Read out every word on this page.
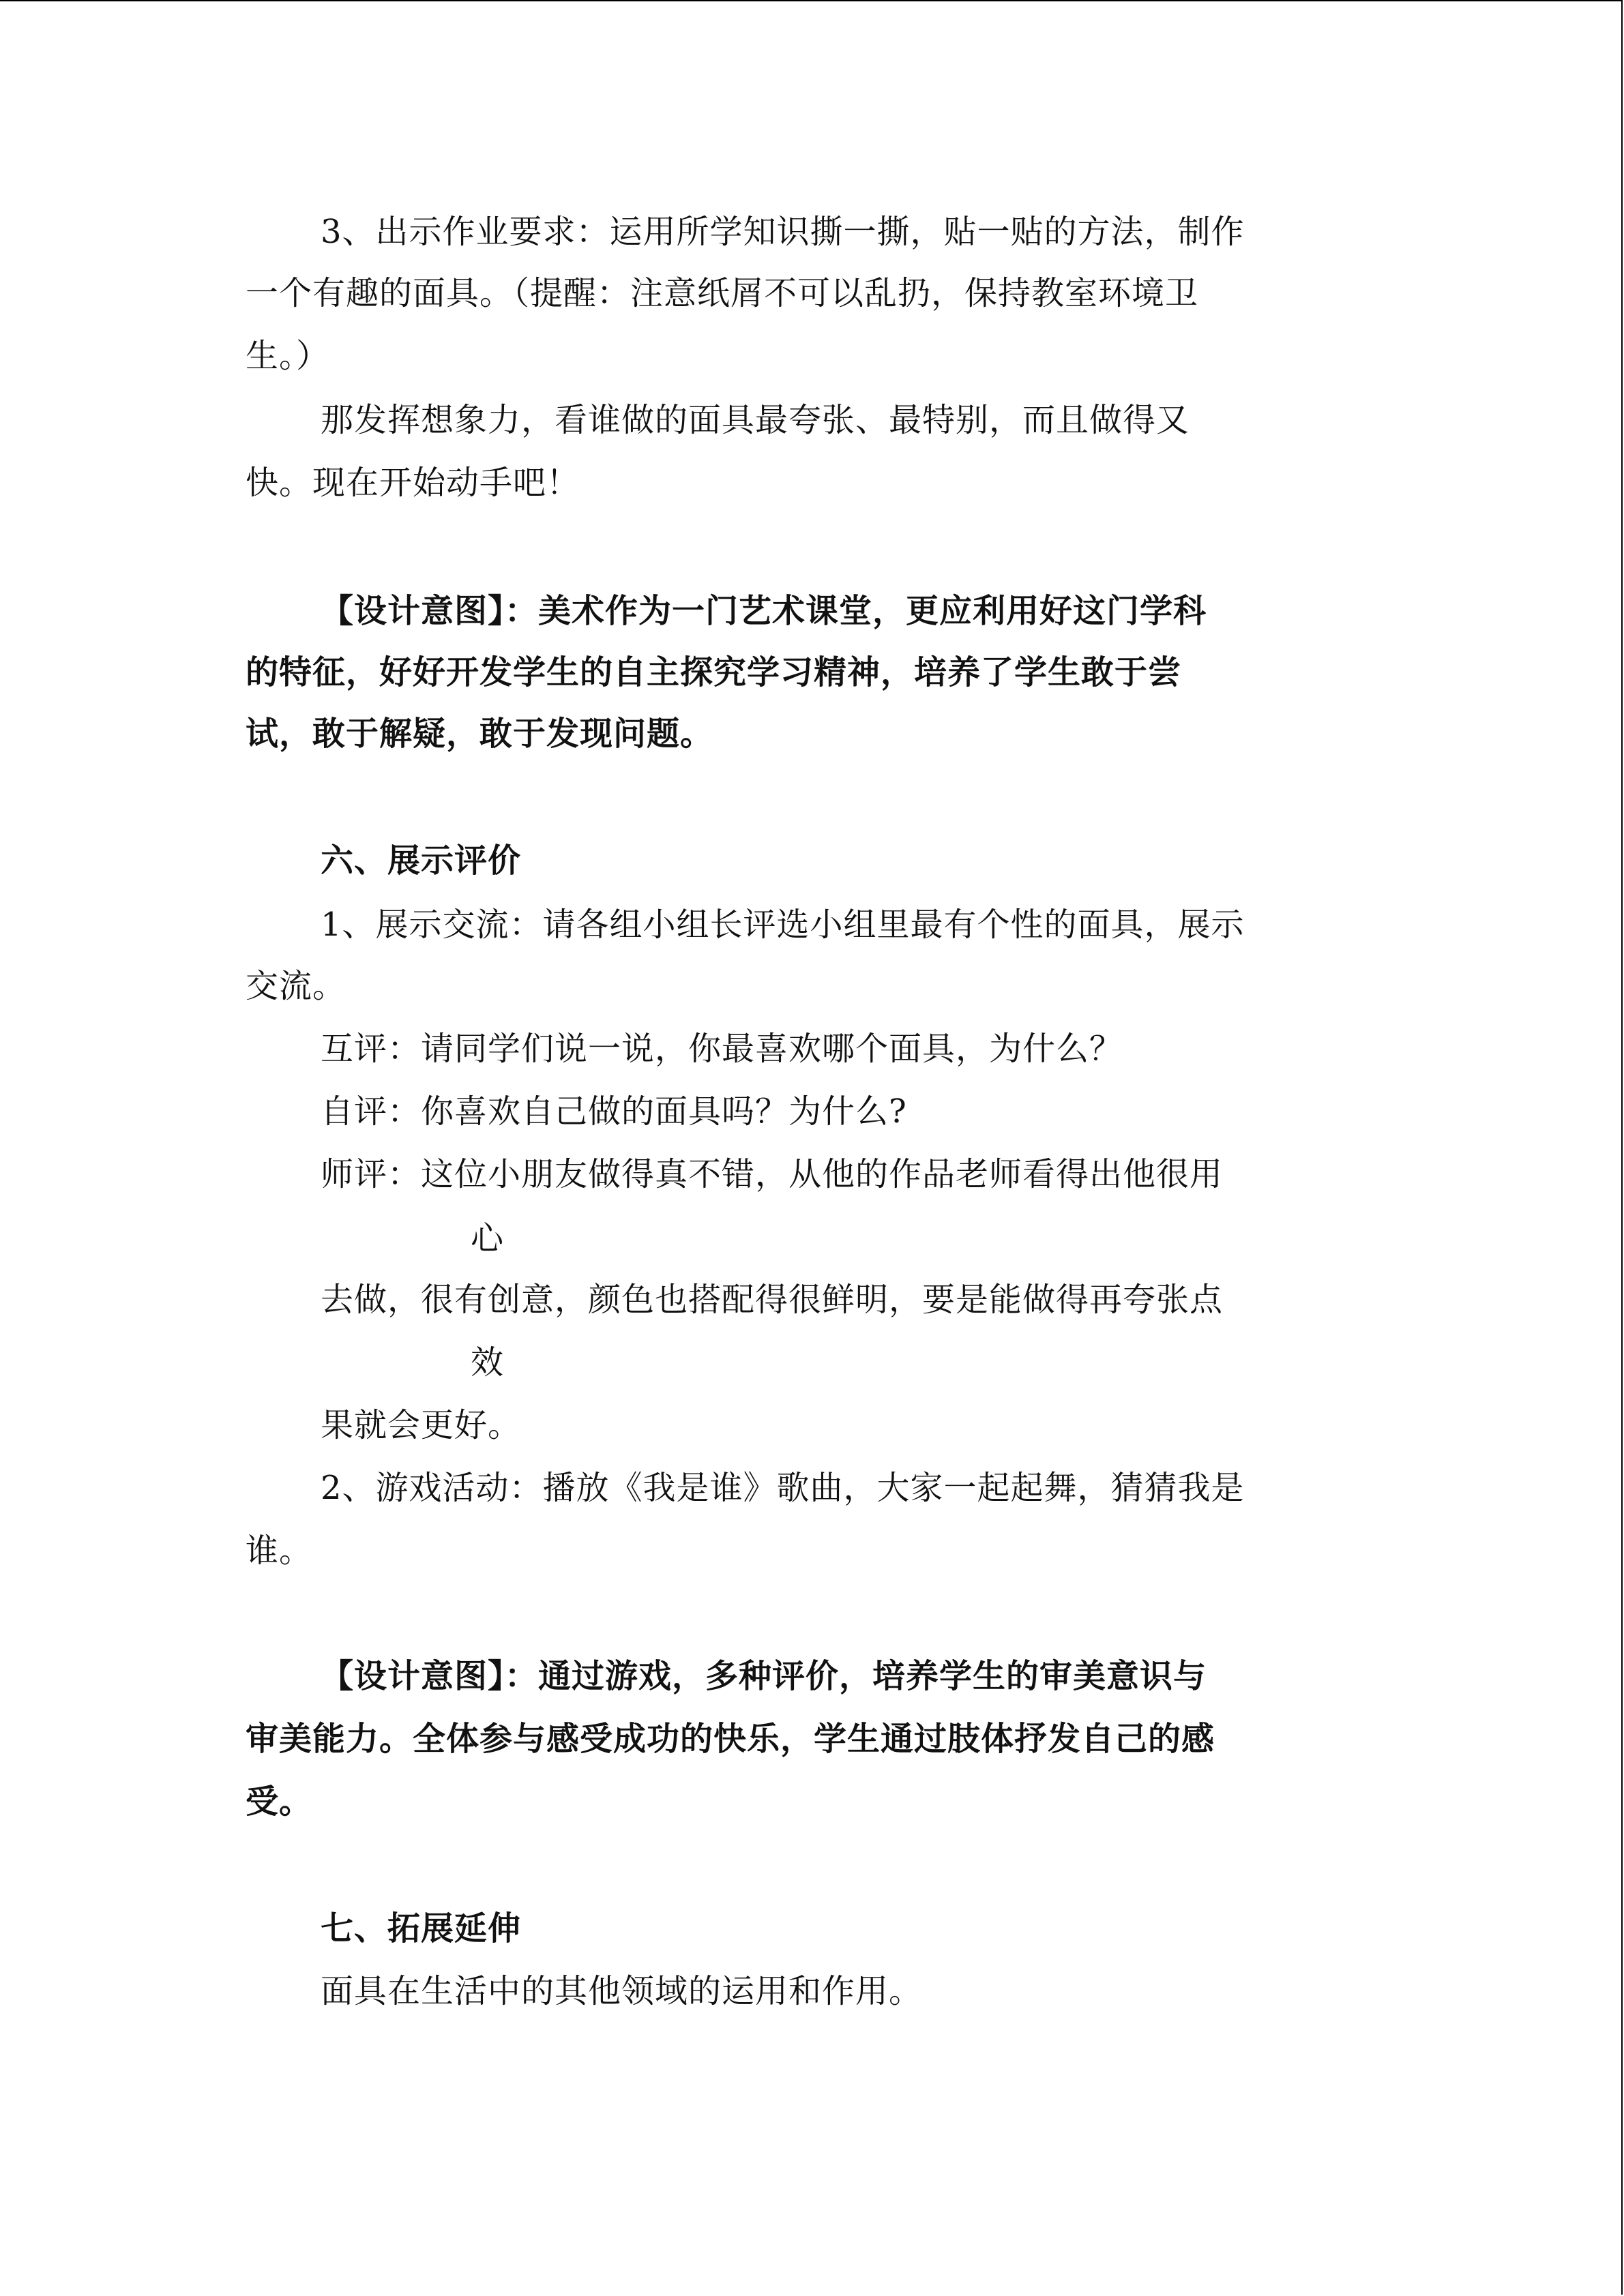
3、出示作业要求：运用所学知识撕一撕，贴一贴的方法，制作
一个有趣的面具。（提醒：注意纸屑不可以乱扔，保持教室环境卫
生。）
那发挥想象力，看谁做的面具最夸张、最特别，而且做得又
快。现在开始动手吧！
【设计意图】：美术作为一门艺术课堂，更应利用好这门学科
的特征，好好开发学生的自主探究学习精神，培养了学生敢于尝
试，敢于解疑，敢于发现问题。
六、展示评价
1、展示交流：请各组小组长评选小组里最有个性的面具，展示
交流。
互评：请同学们说一说，你最喜欢哪个面具，为什么？
自评：你喜欢自己做的面具吗？为什么?
师评：这位小朋友做得真不错，从他的作品老师看得出他很用
心
去做，很有创意，颜色也搭配得很鲜明，要是能做得再夸张点
效
果就会更好。
2、游戏活动：播放《我是谁》歌曲，大家一起起舞，猜猜我是
谁。
【设计意图】：通过游戏，多种评价，培养学生的审美意识与
审美能力。全体参与感受成功的快乐，学生通过肢体抒发自己的感
受。
七、拓展延伸
面具在生活中的其他领域的运用和作用。
